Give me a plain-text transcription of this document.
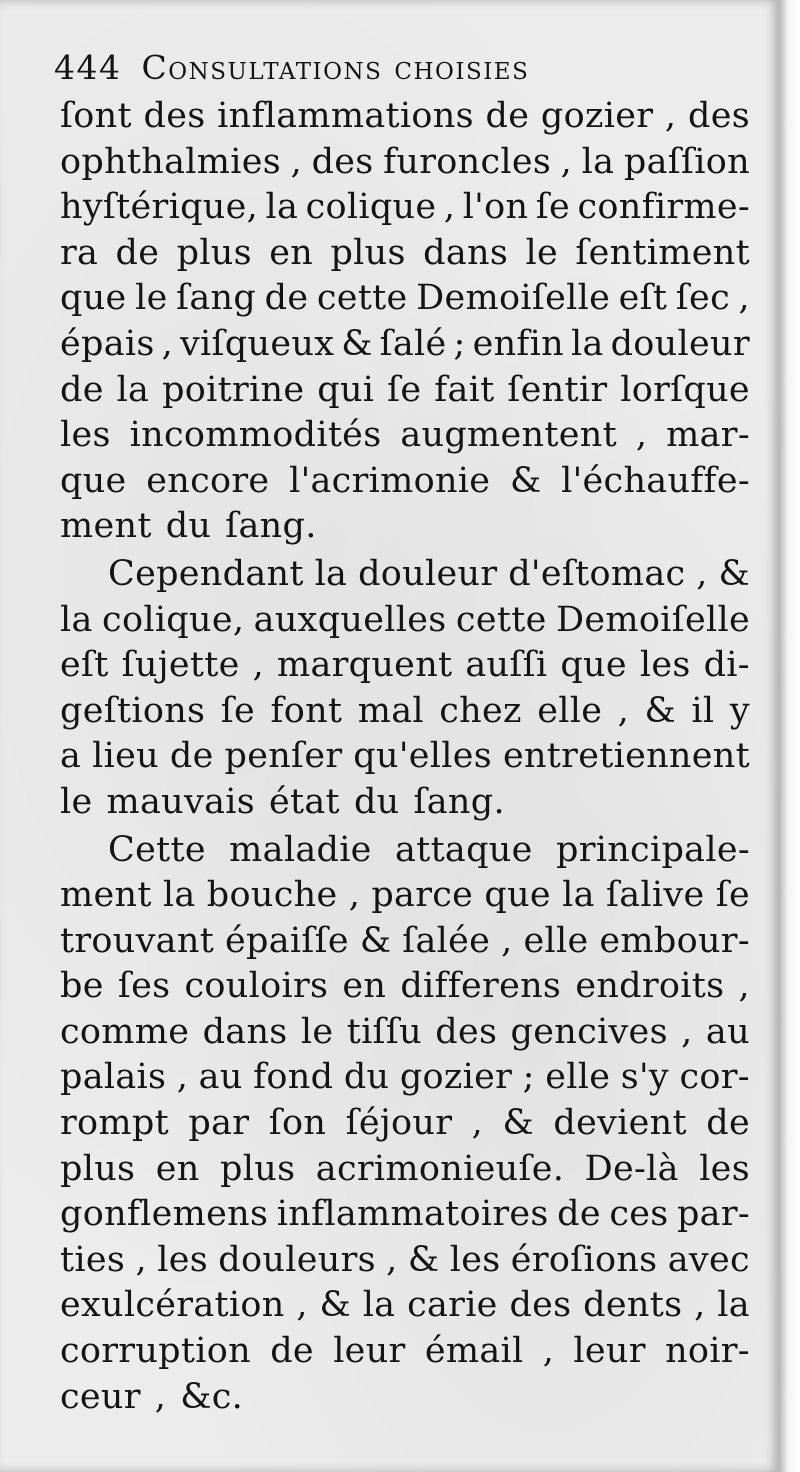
444 Consultations choisies
ſont des inflammations de gozier , des
ophthalmies , des furoncles , la paſſion
hyſtérique, la colique , l'on ſe confirme-
ra de plus en plus dans le ſentiment
que le ſang de cette Demoiſelle eſt ſec ,
épais , viſqueux & ſalé ; enfin la douleur
de la poitrine qui ſe fait ſentir lorſque
les incommodités augmentent , mar-
que encore l'acrimonie & l'échauffe-
ment du ſang.
Cependant la douleur d'eſtomac , &
la colique, auxquelles cette Demoiſelle
eſt ſujette , marquent auſſi que les di-
geſtions ſe font mal chez elle , & il y
a lieu de penſer qu'elles entretiennent
le mauvais état du ſang.
Cette maladie attaque principale-
ment la bouche , parce que la ſalive ſe
trouvant épaiſſe & ſalée , elle embour-
be ſes couloirs en differens endroits ,
comme dans le tiſſu des gencives , au
palais , au fond du gozier ; elle s'y cor-
rompt par ſon ſéjour , & devient de
plus en plus acrimonieuſe. De-là les
gonflemens inflammatoires de ces par-
ties , les douleurs , & les éroſions avec
exulcération , & la carie des dents , la
corruption de leur émail , leur noir-
ceur , &c.
